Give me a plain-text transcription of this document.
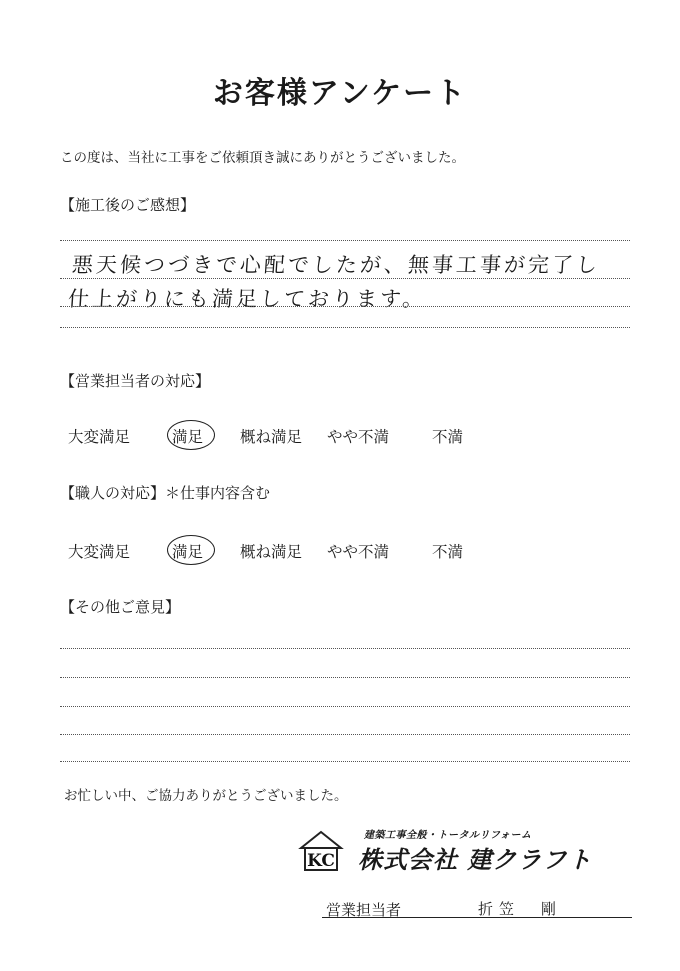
お客様アンケート
この度は、当社に工事をご依頼頂き誠にありがとうございました。
【施工後のご感想】
悪天候つづきで心配でしたが、無事工事が完了し
仕上がりにも満足しております。
【営業担当者の対応】
大変満足	満足 概ね満足 やや不満	不満
【職人の対応】＊仕事内容含む
大変満足	満足 概ね満足 やや不満	不満
【その他ご意見】
お忙しい中、ご協力ありがとうございました。
KC
建築工事全般・トータルリフォーム
株式会社 建クラフト
営業担当者	折笠　剛
